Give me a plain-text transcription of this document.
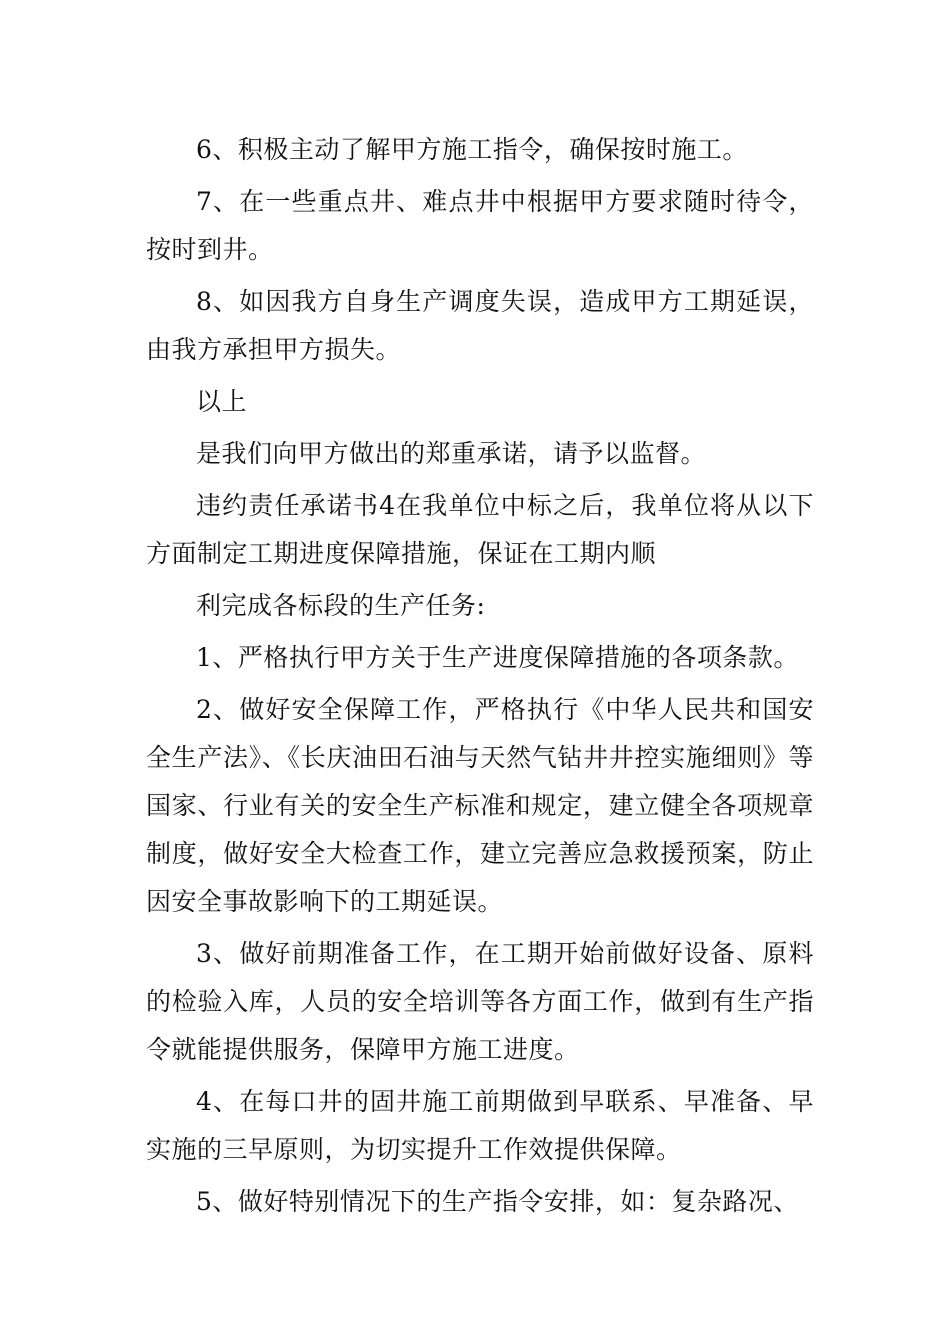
6、积极主动了解甲方施工指令，确保按时施工。

7、在一些重点井、难点井中根据甲方要求随时待令，按时到井。

8、如因我方自身生产调度失误，造成甲方工期延误，由我方承担甲方损失。

以上

是我们向甲方做出的郑重承诺，请予以监督。

违约责任承诺书4在我单位中标之后，我单位将从以下方面制定工期进度保障措施，保证在工期内顺

利完成各标段的生产任务:

1、严格执行甲方关于生产进度保障措施的各项条款。

2、做好安全保障工作，严格执行《中华人民共和国安全生产法》、《长庆油田石油与天然气钻井井控实施细则》等国家、行业有关的安全生产标准和规定，建立健全各项规章制度，做好安全大检查工作，建立完善应急救援预案，防止因安全事故影响下的工期延误。

3、做好前期准备工作，在工期开始前做好设备、原料的检验入库，人员的安全培训等各方面工作，做到有生产指令就能提供服务，保障甲方施工进度。

4、在每口井的固井施工前期做到早联系、早准备、早实施的三早原则，为切实提升工作效提供保障。

5、做好特别情况下的生产指令安排，如：复杂路况、
